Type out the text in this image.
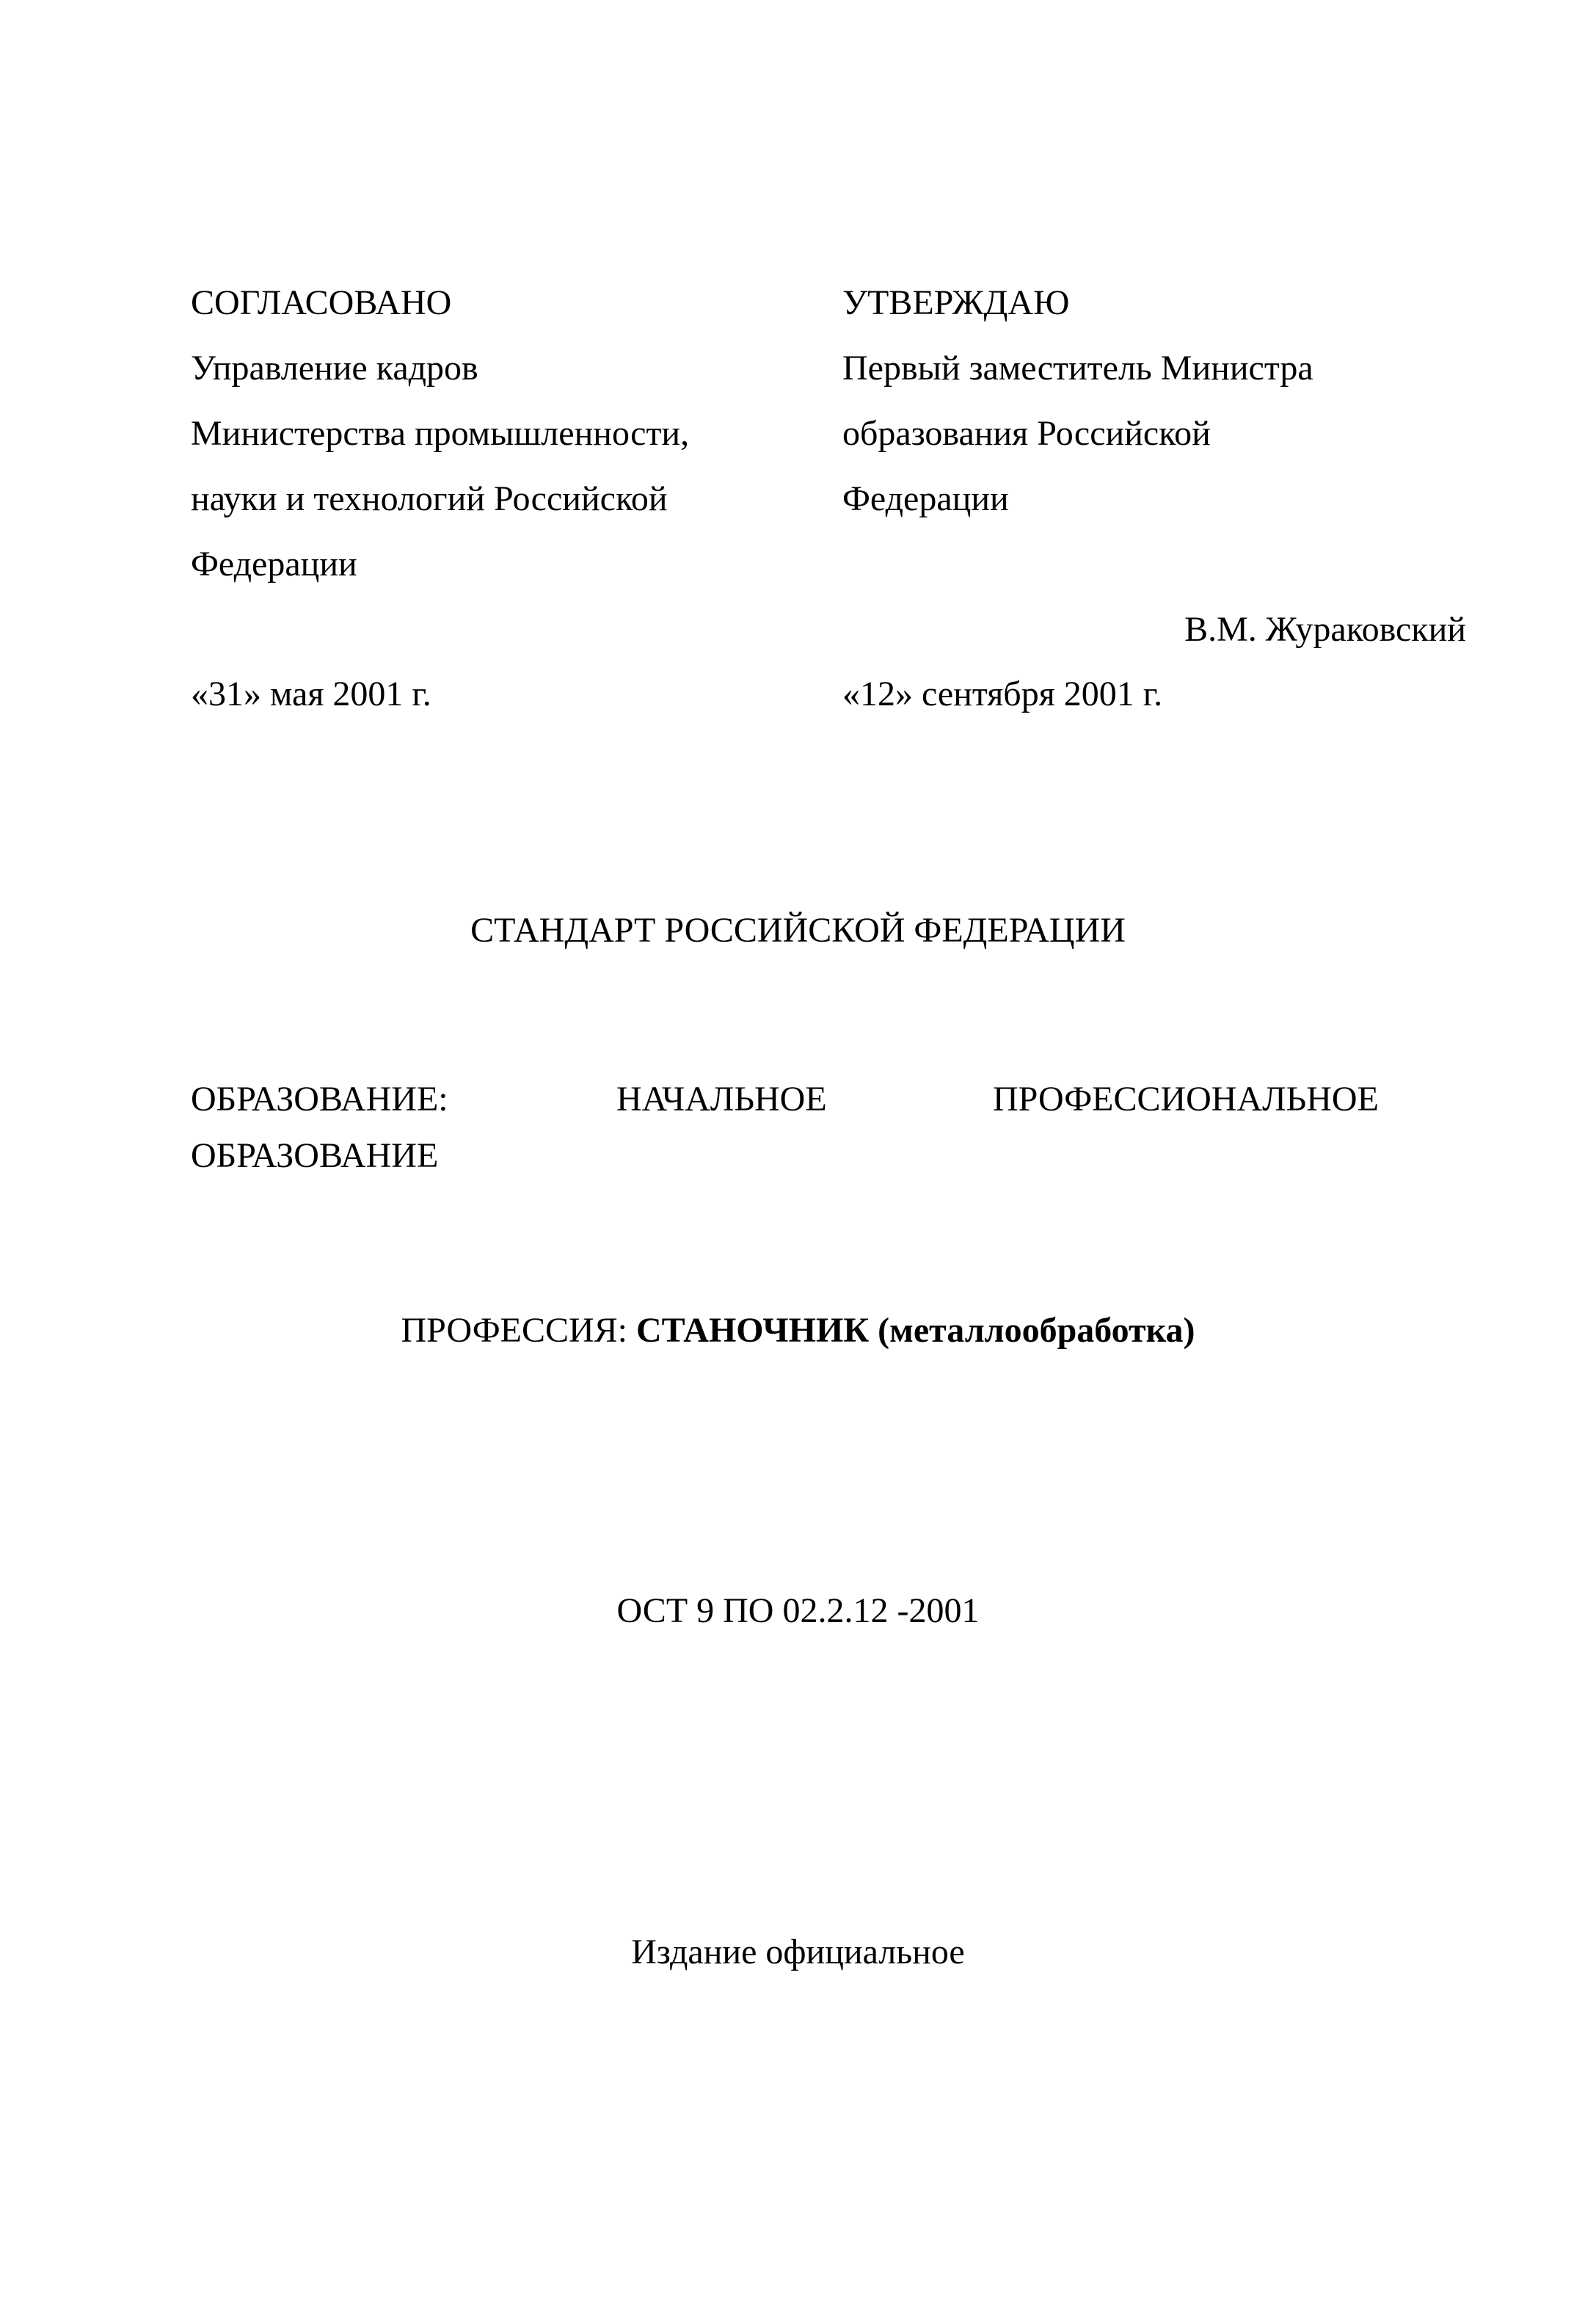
СОГЛАСОВАНО
Управление кадров
Министерства промышленности,
науки и технологий Российской
Федерации
«31» мая 2001 г.
УТВЕРЖДАЮ
Первый заместитель Министра
образования Российской
Федерации
В.М. Жураковский
«12» сентября 2001 г.
СТАНДАРТ РОССИЙСКОЙ ФЕДЕРАЦИИ
ОБРАЗОВАНИЕ:	НАЧАЛЬНОЕ	ПРОФЕССИОНАЛЬНОЕ
ОБРАЗОВАНИЕ
ПРОФЕССИЯ: СТАНОЧНИК (металлообработка)
ОСТ 9 ПО 02.2.12 -2001
Издание официальное
